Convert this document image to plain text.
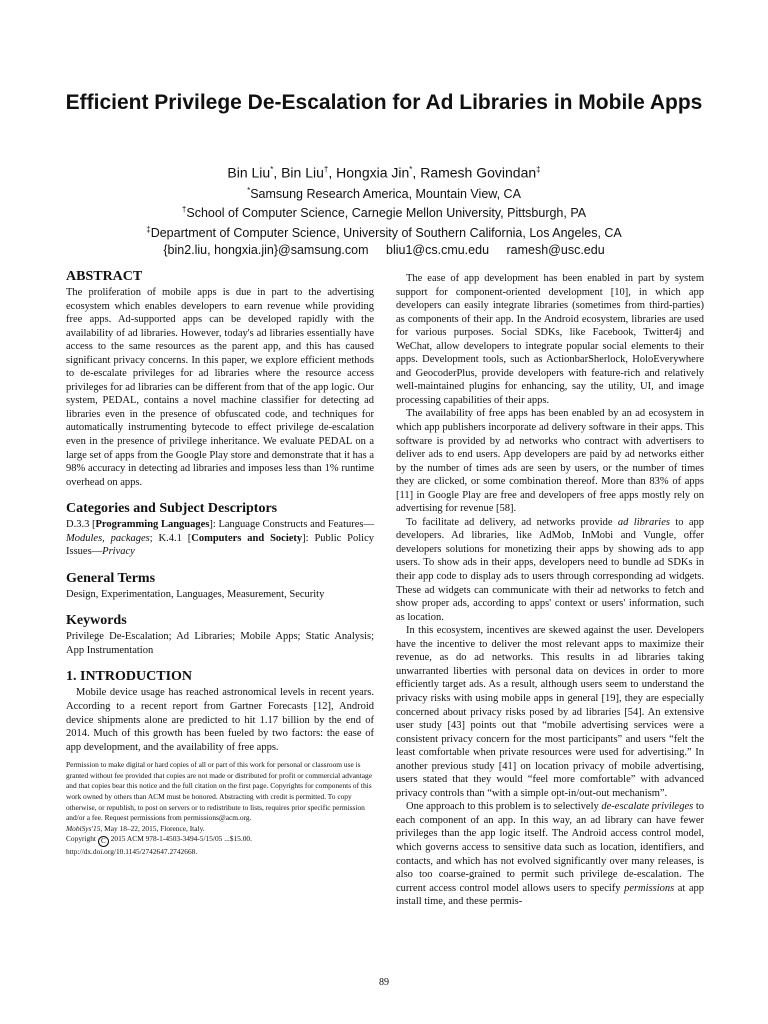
Efficient Privilege De-Escalation for Ad Libraries in Mobile Apps
Bin Liu*, Bin Liu†, Hongxia Jin*, Ramesh Govindan‡
*Samsung Research America, Mountain View, CA
†School of Computer Science, Carnegie Mellon University, Pittsburgh, PA
‡Department of Computer Science, University of Southern California, Los Angeles, CA
{bin2.liu, hongxia.jin}@samsung.com bliu1@cs.cmu.edu ramesh@usc.edu
ABSTRACT

The proliferation of mobile apps is due in part to the advertising ecosystem which enables developers to earn revenue while providing free apps. Ad-supported apps can be developed rapidly with the availability of ad libraries. However, today's ad libraries essentially have access to the same resources as the parent app, and this has caused significant privacy concerns. In this paper, we explore efficient methods to de-escalate privileges for ad libraries where the resource access privileges for ad libraries can be different from that of the app logic. Our system, PEDAL, contains a novel machine classifier for detecting ad libraries even in the presence of obfuscated code, and techniques for automatically instrumenting bytecode to effect privilege de-escalation even in the presence of privilege inheritance. We evaluate PEDAL on a large set of apps from the Google Play store and demonstrate that it has a 98% accuracy in detecting ad libraries and imposes less than 1% runtime overhead on apps.

Categories and Subject Descriptors

D.3.3 [Programming Languages]: Language Constructs and Features—Modules, packages; K.4.1 [Computers and Society]: Public Policy Issues—Privacy

General Terms

Design, Experimentation, Languages, Measurement, Security

Keywords

Privilege De-Escalation; Ad Libraries; Mobile Apps; Static Analysis; App Instrumentation

1. INTRODUCTION

Mobile device usage has reached astronomical levels in recent years. According to a recent report from Gartner Forecasts [12], Android device shipments alone are predicted to hit 1.17 billion by the end of 2014. Much of this growth has been fueled by two factors: the ease of app development, and the availability of free apps.

Permission to make digital or hard copies of all or part of this work for personal or classroom use is granted without fee provided that copies are not made or distributed for profit or commercial advantage and that copies bear this notice and the full citation on the first page. Copyrights for components of this work owned by others than ACM must be honored. Abstracting with credit is permitted. To copy otherwise, or republish, to post on servers or to redistribute to lists, requires prior specific permission and/or a fee. Request permissions from permissions@acm.org.
MobiSys'15, May 18–22, 2015, Florence, Italy.
Copyright C 2015 ACM 978-1-4503-3494-5/15/05 ...$15.00.
http://dx.doi.org/10.1145/2742647.2742668.

The ease of app development has been enabled in part by system support for component-oriented development [10], in which app developers can easily integrate libraries (sometimes from third-parties) as components of their app. In the Android ecosystem, libraries are used for various purposes. Social SDKs, like Facebook, Twitter4j and WeChat, allow developers to integrate popular social elements to their apps. Development tools, such as ActionbarSherlock, HoloEverywhere and GeocoderPlus, provide developers with feature-rich and relatively well-maintained plugins for enhancing, say the utility, UI, and image processing capabilities of their apps.

The availability of free apps has been enabled by an ad ecosystem in which app publishers incorporate ad delivery software in their apps. This software is provided by ad networks who contract with advertisers to deliver ads to end users. App developers are paid by ad networks either by the number of times ads are seen by users, or the number of times they are clicked, or some combination thereof. More than 83% of apps [11] in Google Play are free and developers of free apps mostly rely on advertising for revenue [58].

To facilitate ad delivery, ad networks provide ad libraries to app developers. Ad libraries, like AdMob, InMobi and Vungle, offer developers solutions for monetizing their apps by showing ads to app users. To show ads in their apps, developers need to bundle ad SDKs in their app code to display ads to users through corresponding ad widgets. These ad widgets can communicate with their ad networks to fetch and show proper ads, according to apps' context or users' information, such as location.

In this ecosystem, incentives are skewed against the user. Developers have the incentive to deliver the most relevant apps to maximize their revenue, as do ad networks. This results in ad libraries taking unwarranted liberties with personal data on devices in order to more efficiently target ads. As a result, although users seem to understand the privacy risks with using mobile apps in general [19], they are especially concerned about privacy risks posed by ad libraries [54]. An extensive user study [43] points out that “mobile advertising services were a consistent privacy concern for the most participants” and users “felt the least comfortable when private resources were used for advertising.” In another previous study [41] on location privacy of mobile advertising, users stated that they would “feel more comfortable” with advanced privacy controls than “with a simple opt-in/out-out mechanism”.

One approach to this problem is to selectively de-escalate privileges to each component of an app. In this way, an ad library can have fewer privileges than the app logic itself. The Android access control model, which governs access to sensitive data such as location, identifiers, and contacts, and which has not evolved significantly over many releases, is also too coarse-grained to permit such privilege de-escalation. The current access control model allows users to specify permissions at app install time, and these permis-

89
